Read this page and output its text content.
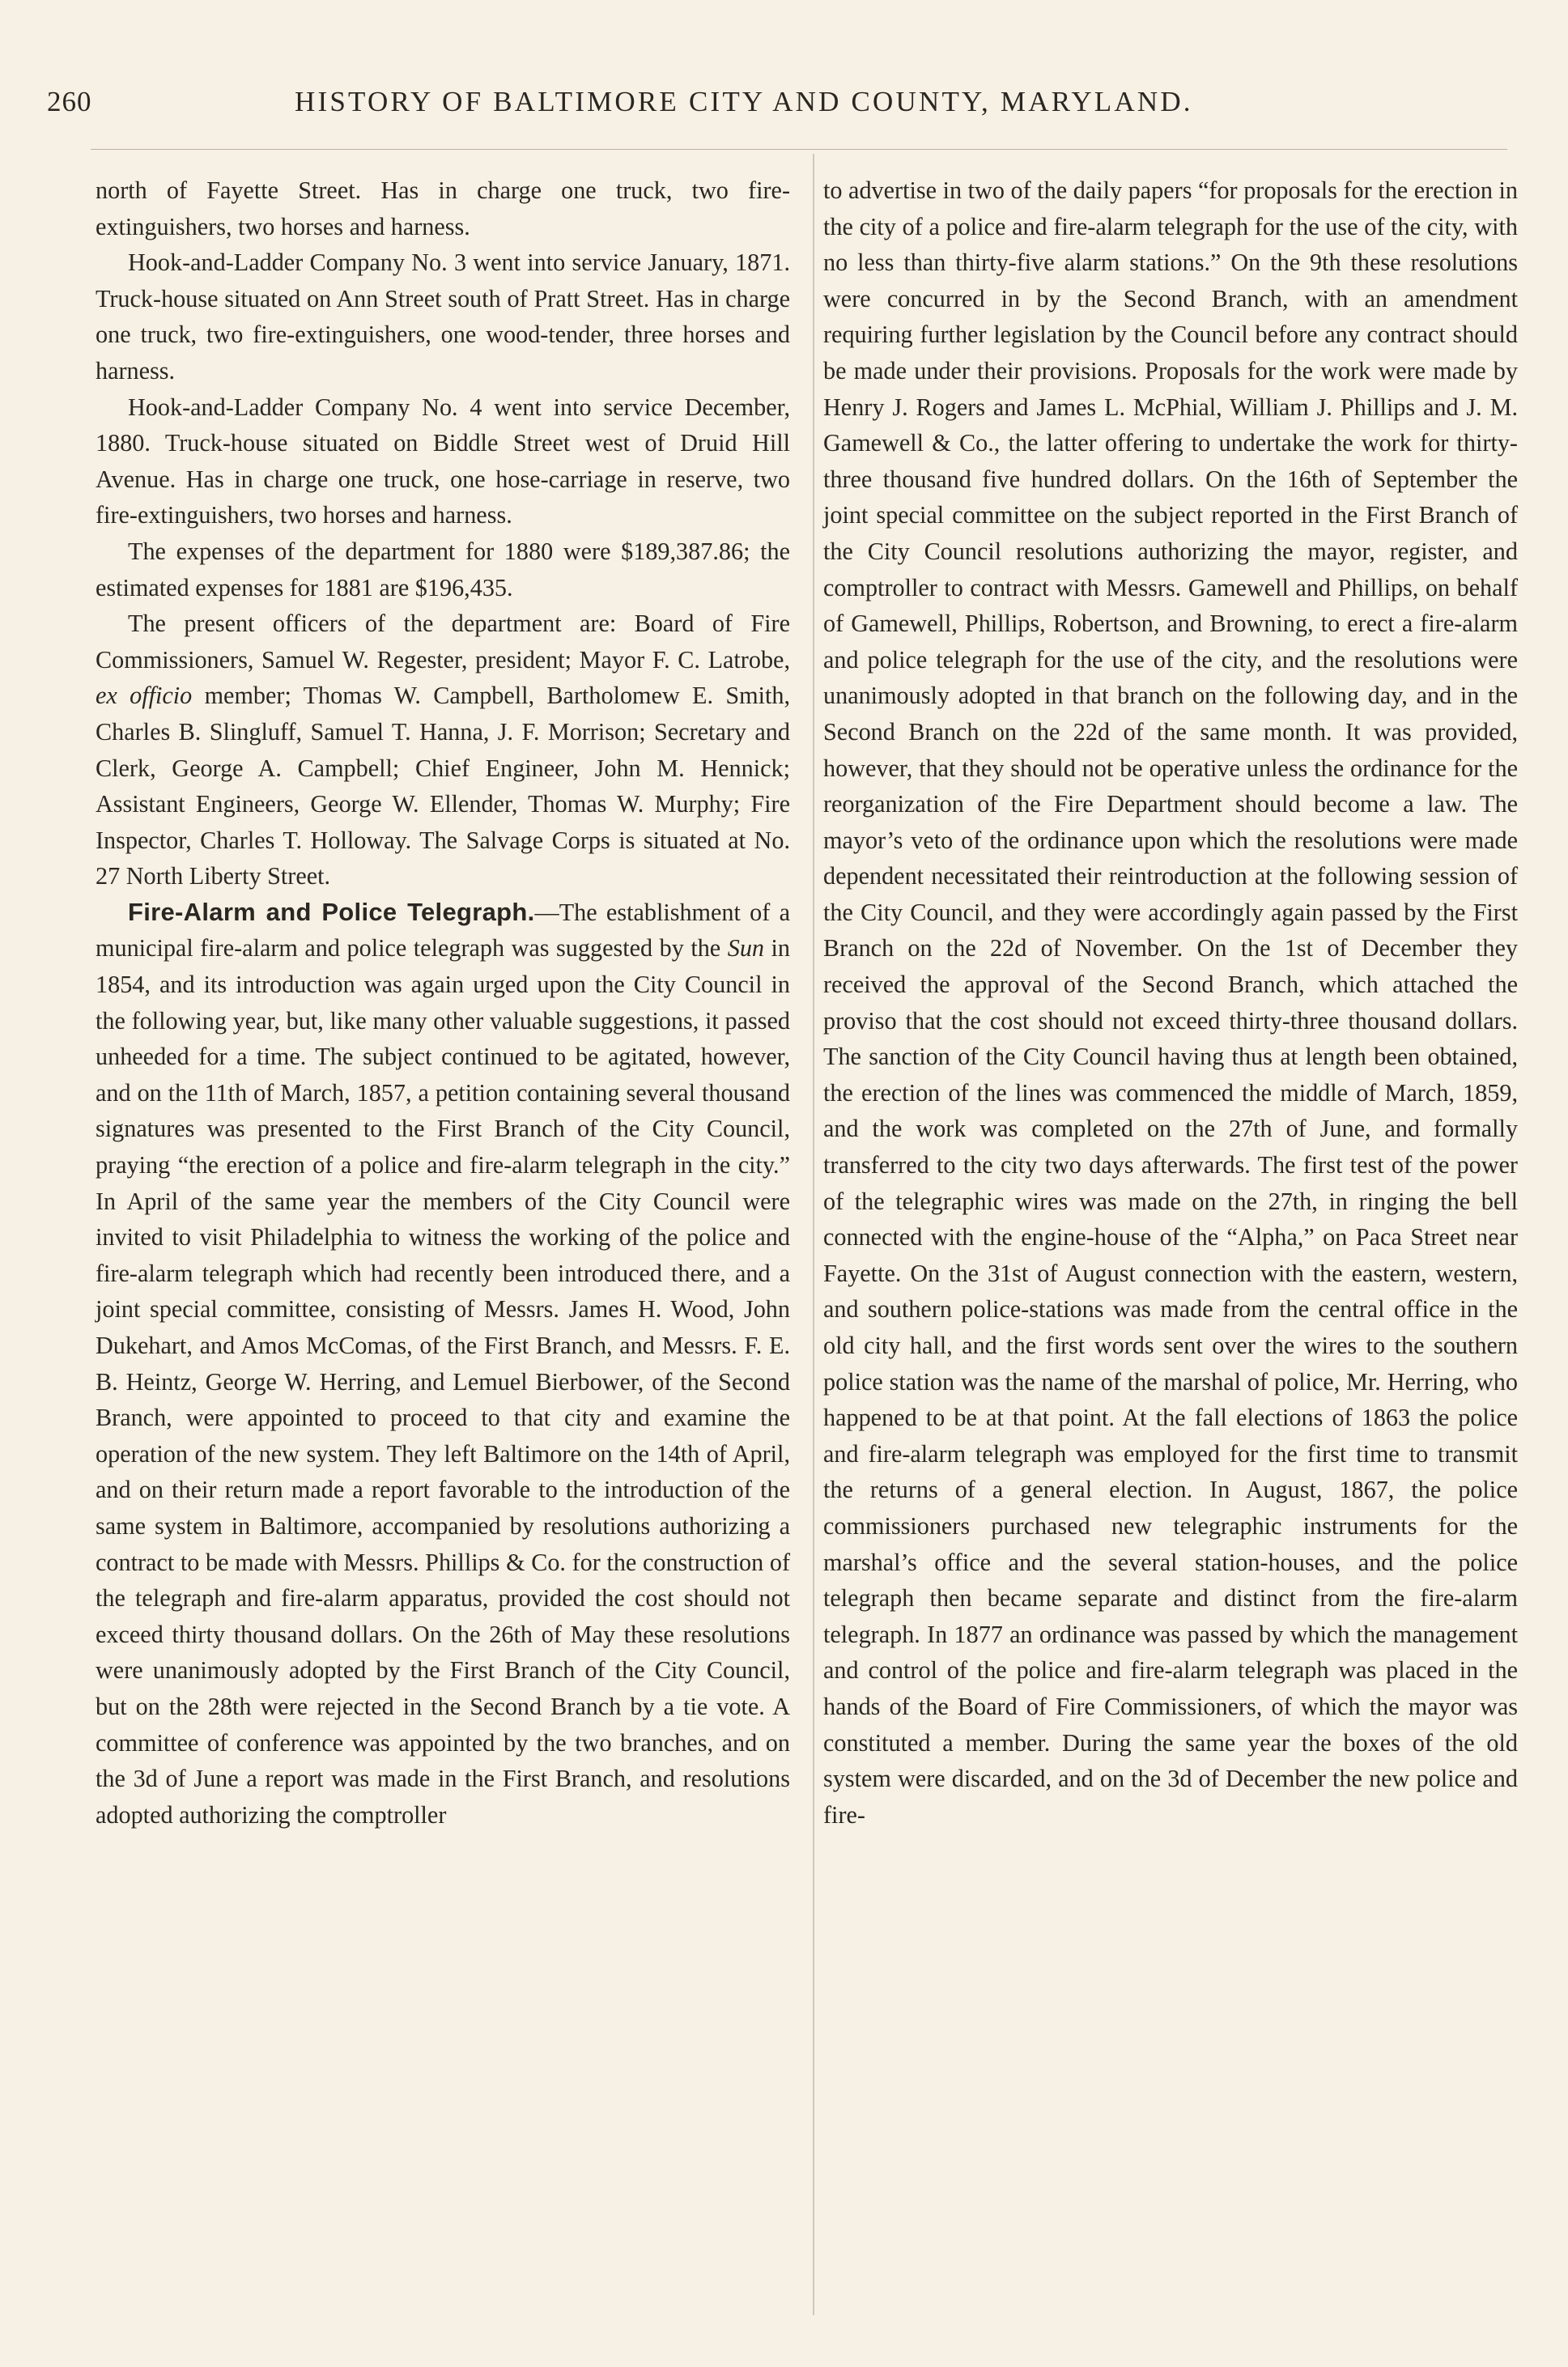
260	HISTORY OF BALTIMORE CITY AND COUNTY, MARYLAND.

north of Fayette Street. Has in charge one truck, two fire-extinguishers, two horses and harness.

Hook-and-Ladder Company No. 3 went into service January, 1871. Truck-house situated on Ann Street south of Pratt Street. Has in charge one truck, two fire-extinguishers, one wood-tender, three horses and harness.

Hook-and-Ladder Company No. 4 went into service December, 1880. Truck-house situated on Biddle Street west of Druid Hill Avenue. Has in charge one truck, one hose-carriage in reserve, two fire-extinguishers, two horses and harness.

The expenses of the department for 1880 were $189,387.86; the estimated expenses for 1881 are $196,435.

The present officers of the department are: Board of Fire Commissioners, Samuel W. Regester, president; Mayor F. C. Latrobe, ex officio member; Thomas W. Campbell, Bartholomew E. Smith, Charles B. Slingluff, Samuel T. Hanna, J. F. Morrison; Secretary and Clerk, George A. Campbell; Chief Engineer, John M. Hennick; Assistant Engineers, George W. Ellender, Thomas W. Murphy; Fire Inspector, Charles T. Holloway. The Salvage Corps is situated at No. 27 North Liberty Street.

Fire-Alarm and Police Telegraph.—The establishment of a municipal fire-alarm and police telegraph was suggested by the Sun in 1854, and its introduction was again urged upon the City Council in the following year, but, like many other valuable suggestions, it passed unheeded for a time. The subject continued to be agitated, however, and on the 11th of March, 1857, a petition containing several thousand signatures was presented to the First Branch of the City Council, praying “the erection of a police and fire-alarm telegraph in the city.” In April of the same year the members of the City Council were invited to visit Philadelphia to witness the working of the police and fire-alarm telegraph which had recently been introduced there, and a joint special committee, consisting of Messrs. James H. Wood, John Dukehart, and Amos McComas, of the First Branch, and Messrs. F. E. B. Heintz, George W. Herring, and Lemuel Bierbower, of the Second Branch, were appointed to proceed to that city and examine the operation of the new system. They left Baltimore on the 14th of April, and on their return made a report favorable to the introduction of the same system in Baltimore, accompanied by resolutions authorizing a contract to be made with Messrs. Phillips & Co. for the construction of the telegraph and fire-alarm apparatus, provided the cost should not exceed thirty thousand dollars. On the 26th of May these resolutions were unanimously adopted by the First Branch of the City Council, but on the 28th were rejected in the Second Branch by a tie vote. A committee of conference was appointed by the two branches, and on the 3d of June a report was made in the First Branch, and resolutions adopted authorizing the comptroller

to advertise in two of the daily papers “for proposals for the erection in the city of a police and fire-alarm telegraph for the use of the city, with no less than thirty-five alarm stations.” On the 9th these resolutions were concurred in by the Second Branch, with an amendment requiring further legislation by the Council before any contract should be made under their provisions. Proposals for the work were made by Henry J. Rogers and James L. McPhial, William J. Phillips and J. M. Gamewell & Co., the latter offering to undertake the work for thirty-three thousand five hundred dollars. On the 16th of September the joint special committee on the subject reported in the First Branch of the City Council resolutions authorizing the mayor, register, and comptroller to contract with Messrs. Gamewell and Phillips, on behalf of Gamewell, Phillips, Robertson, and Browning, to erect a fire-alarm and police telegraph for the use of the city, and the resolutions were unanimously adopted in that branch on the following day, and in the Second Branch on the 22d of the same month. It was provided, however, that they should not be operative unless the ordinance for the reorganization of the Fire Department should become a law. The mayor’s veto of the ordinance upon which the resolutions were made dependent necessitated their reintroduction at the following session of the City Council, and they were accordingly again passed by the First Branch on the 22d of November. On the 1st of December they received the approval of the Second Branch, which attached the proviso that the cost should not exceed thirty-three thousand dollars. The sanction of the City Council having thus at length been obtained, the erection of the lines was commenced the middle of March, 1859, and the work was completed on the 27th of June, and formally transferred to the city two days afterwards. The first test of the power of the telegraphic wires was made on the 27th, in ringing the bell connected with the engine-house of the “Alpha,” on Paca Street near Fayette. On the 31st of August connection with the eastern, western, and southern police-stations was made from the central office in the old city hall, and the first words sent over the wires to the southern police station was the name of the marshal of police, Mr. Herring, who happened to be at that point. At the fall elections of 1863 the police and fire-alarm telegraph was employed for the first time to transmit the returns of a general election. In August, 1867, the police commissioners purchased new telegraphic instruments for the marshal’s office and the several station-houses, and the police telegraph then became separate and distinct from the fire-alarm telegraph. In 1877 an ordinance was passed by which the management and control of the police and fire-alarm telegraph was placed in the hands of the Board of Fire Commissioners, of which the mayor was constituted a member. During the same year the boxes of the old system were discarded, and on the 3d of December the new police and fire-
